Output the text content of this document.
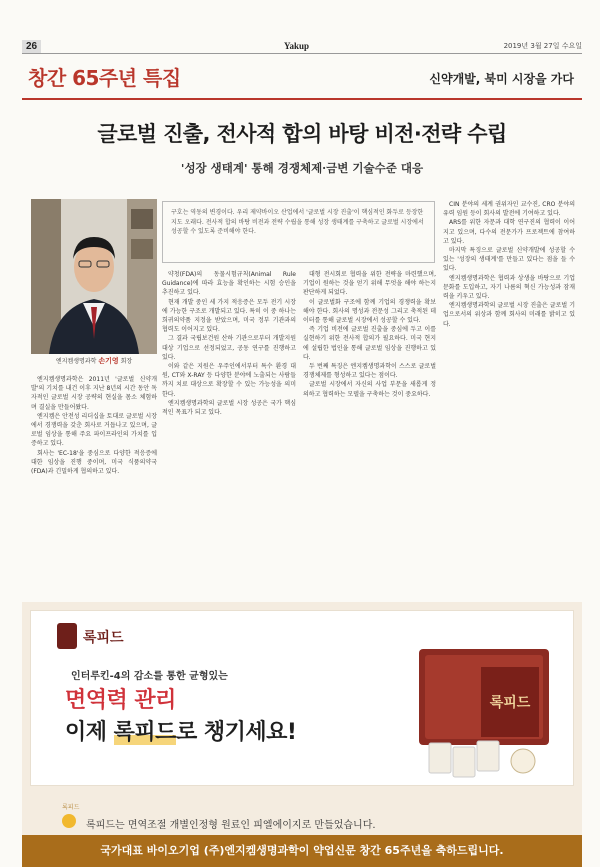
26	Yakup	2019년 3월 27일 수요일
창간 65주년 특집	신약개발, 북미 시장을 가다
글로벌 진출, 전사적 합의 바탕 비전·전략 수립
'성장 생태계' 통해 경쟁체제·금변 기술수준 대응
엔지켐생명과학 손기영 회장
구호는 역동의 변경이다. 우리 제약바이오 산업에서 '글로벌 시장 진출'이 핵심적인 화두로 등장한지도 오래다. 전사적 합의 바탕 비전과 전략 수립을 통해 성장 생태계를 구축하고 글로벌 시장에서 성공할 수 있도록 준비해야 한다.

엔지켐생명과학은 2011년 '글로벌 신약개발'의 기치를 내건 이후 지난 8년의 시간 동안 독자적인 글로벌 시장 공략의 현실을 몸소 체험하며 결실을 만들어왔다.

엔지켐은 안전성 리더십을 토대로 글로벌 시장에서 경쟁력을 갖춘 회사로 거듭나고 있으며, 글로벌 임상을 통해 주요 파이프라인의 가치를 입증하고 있다.

회사는 'EC-18'을 중심으로 다양한 적응증에 대한 임상을 진행 중이며, 미국 식품의약국(FDA)과 긴밀하게 협의하고 있다.

약청(FDA)의 동물시험규칙(Animal Rule Guidance)에 따라 효능을 확인하는 시험 승인을 추진하고 있다.

현재 개발 중인 세 가지 적응증은 모두 전기 시장에 가능한 구조로 개발되고 있다. 특히 이 중 하나는 희귀의약품 지정을 받았으며, 미국 정부 기관과의 협력도 이어지고 있다.

그 결과 국립보건원 산하 기관으로부터 개발지원 대상 기업으로 선정되었고, 공동 연구를 진행하고 있다.

이와 같은 지원은 우주인에서부터 특수 환경 대원, CT와 X-RAY 등 다양한 분야에 노출되는 사람들까지 치료 대상으로 확장할 수 있는 가능성을 의미한다.

엔지켐생명과학의 글로벌 시장 성공은 국가 핵심적인 목표가 되고 있다.

대형 전시회로 협력을 위한 전략을 마련했으며, 기업이 원하는 것을 얻기 위해 무엇을 해야 하는지 판단하게 되었다.

이 글로벌화 구조에 함께 기업의 경쟁력을 확보해야 한다. 회사의 명성과 전문성 그리고 축적된 데이터를 통해 글로벌 시장에서 성공할 수 있다.

즉 기업 비전에 글로벌 진출을 중심에 두고 이를 실현하기 위한 전사적 합의가 필요하다. 미국 현지에 설립한 법인을 통해 글로벌 임상을 진행하고 있다.

두 번째 특징은 엔지켐생명과학이 스스로 글로벌 경쟁체제를 형성하고 있다는 점이다.

글로벌 시장에서 자신의 사업 부문을 새롭게 정의하고 협력하는 모델을 구축하는 것이 중요하다.

CIN 분야의 세계 권위자인 교수진, CRO 분야의 유력 임원 등이 회사의 발전에 기여하고 있다.

ARS를 위한 자문과 대학 연구진의 협력이 이어지고 있으며, 다수의 전문가가 프로젝트에 참여하고 있다.

마지막 특징으로 글로벌 신약개발에 성공할 수 있는 '성장의 생태계'를 만들고 있다는 점을 들 수 있다.

엔지켐생명과학은 협력과 상생을 바탕으로 기업 문화를 도입하고, 자기 나름의 혁신 가능성과 잠재력을 키우고 있다.

엔지켐생명과학의 글로벌 시장 진출은 글로벌 기업으로서의 위상과 함께 회사의 미래를 밝히고 있다.

록피드
인터루킨-4의 감소를 통한 균형있는
면역력 관리
이제 록피드로 챙기세요!
록피드
록피드
록피드는 면역조절 개별인정형 원료인 피엘에이지로 만들었습니다.
국가대표 바이오기업 (주)엔지켐생명과학이 약업신문 창간 65주년을 축하드립니다.
